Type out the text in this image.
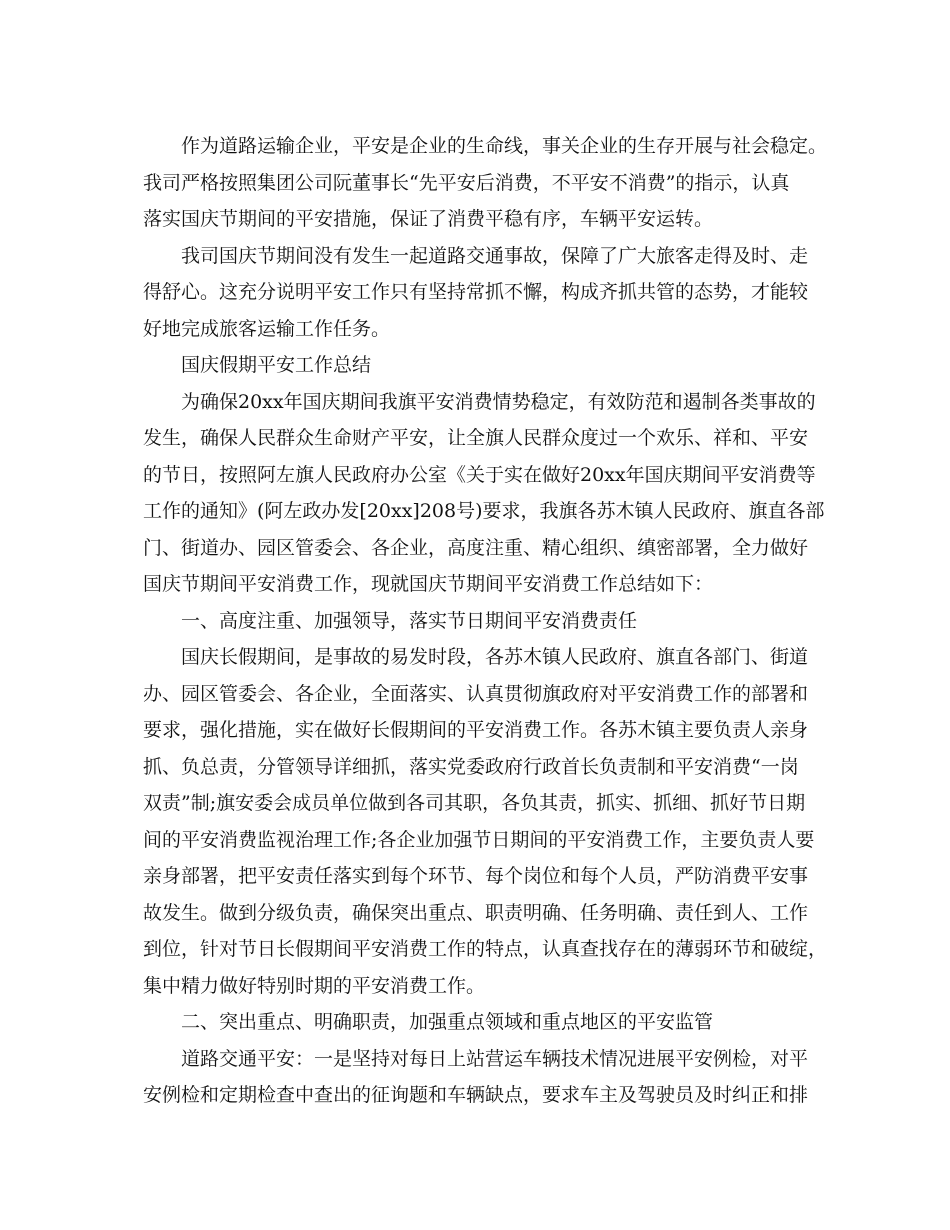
作为道路运输企业，平安是企业的生命线，事关企业的生存开展与社会稳定。
我司严格按照集团公司阮董事长“先平安后消费，不平安不消费”的指示，认真
落实国庆节期间的平安措施，保证了消费平稳有序，车辆平安运转。
我司国庆节期间没有发生一起道路交通事故，保障了广大旅客走得及时、走
得舒心。这充分说明平安工作只有坚持常抓不懈，构成齐抓共管的态势，才能较
好地完成旅客运输工作任务。
国庆假期平安工作总结
为确保20xx年国庆期间我旗平安消费情势稳定，有效防范和遏制各类事故的
发生，确保人民群众生命财产平安，让全旗人民群众度过一个欢乐、祥和、平安
的节日，按照阿左旗人民政府办公室《关于实在做好20xx年国庆期间平安消费等
工作的通知》(阿左政办发[20xx]208号)要求，我旗各苏木镇人民政府、旗直各部
门、街道办、园区管委会、各企业，高度注重、精心组织、缜密部署，全力做好
国庆节期间平安消费工作，现就国庆节期间平安消费工作总结如下：
一、高度注重、加强领导，落实节日期间平安消费责任
国庆长假期间，是事故的易发时段，各苏木镇人民政府、旗直各部门、街道
办、园区管委会、各企业，全面落实、认真贯彻旗政府对平安消费工作的部署和
要求，强化措施，实在做好长假期间的平安消费工作。各苏木镇主要负责人亲身
抓、负总责，分管领导详细抓，落实党委政府行政首长负责制和平安消费“一岗
双责”制;旗安委会成员单位做到各司其职，各负其责，抓实、抓细、抓好节日期
间的平安消费监视治理工作;各企业加强节日期间的平安消费工作，主要负责人要
亲身部署，把平安责任落实到每个环节、每个岗位和每个人员，严防消费平安事
故发生。做到分级负责，确保突出重点、职责明确、任务明确、责任到人、工作
到位，针对节日长假期间平安消费工作的特点，认真查找存在的薄弱环节和破绽，
集中精力做好特别时期的平安消费工作。
二、突出重点、明确职责，加强重点领域和重点地区的平安监管
道路交通平安：一是坚持对每日上站营运车辆技术情况进展平安例检，对平
安例检和定期检查中查出的征询题和车辆缺点，要求车主及驾驶员及时纠正和排
